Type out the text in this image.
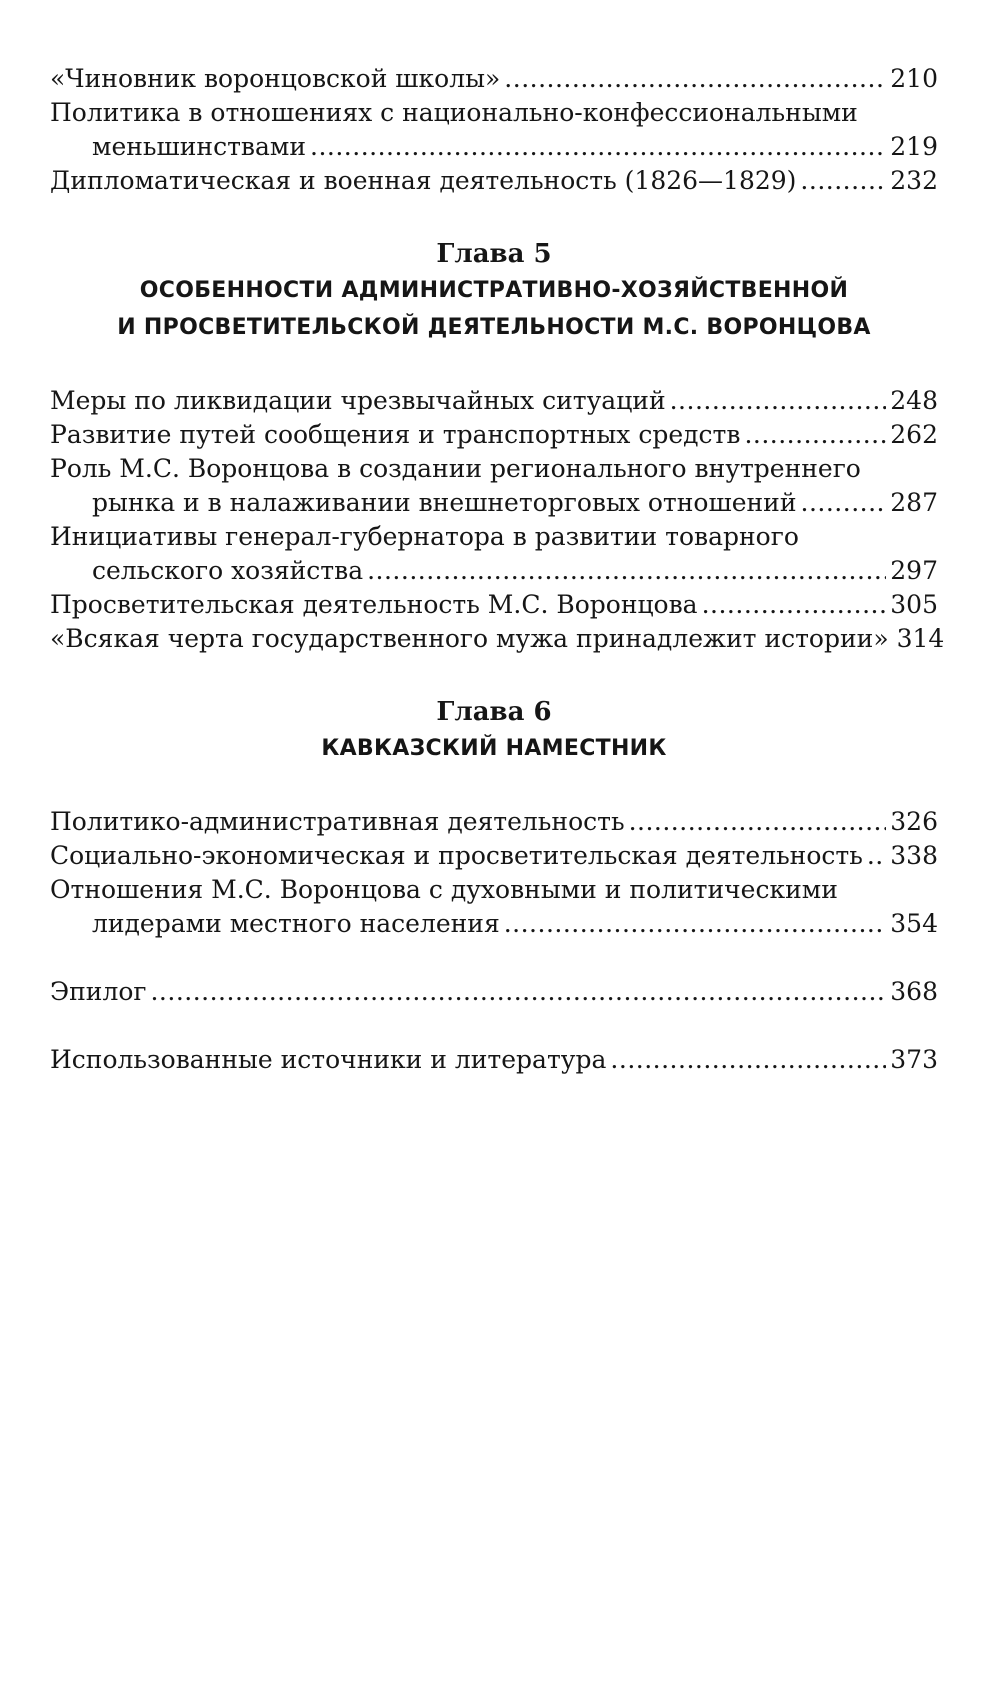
«Чиновник воронцовской школы» .....	210
Политика в отношениях с национально-конфессиональными
меньшинствами .....	219
Дипломатическая и военная деятельность (1826—1829) .....	232
Глава 5
ОСОБЕННОСТИ АДМИНИСТРАТИВНО-ХОЗЯЙСТВЕННОЙ
И ПРОСВЕТИТЕЛЬСКОЙ ДЕЯТЕЛЬНОСТИ М.С. ВОРОНЦОВА
Меры по ликвидации чрезвычайных ситуаций .....	248
Развитие путей сообщения и транспортных средств .....	262
Роль М.С. Воронцова в создании регионального внутреннего
рынка и в налаживании внешнеторговых отношений .....	287
Инициативы генерал-губернатора в развитии товарного
сельского хозяйства .....	297
Просветительская деятельность М.С. Воронцова .....	305
«Всякая черта государственного мужа принадлежит истории» 314
Глава 6
КАВКАЗСКИЙ НАМЕСТНИК
Политико-административная деятельность .....	326
Социально-экономическая и просветительская деятельность ..... 338
Отношения М.С. Воронцова с духовными и политическими
лидерами местного населения .....	354
Эпилог .....	368
Использованные источники и литература .....	373
